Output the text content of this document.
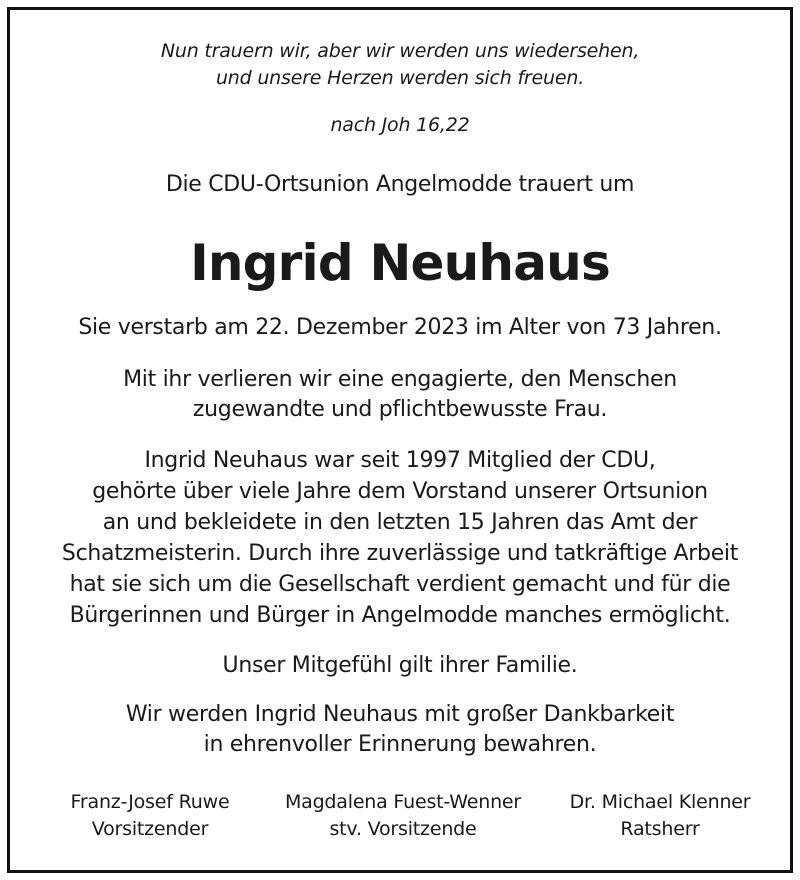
Nun trauern wir, aber wir werden uns wiedersehen,
und unsere Herzen werden sich freuen.
nach Joh 16,22
Die CDU-Ortsunion Angelmodde trauert um
Ingrid Neuhaus
Sie verstarb am 22. Dezember 2023 im Alter von 73 Jahren.
Mit ihr verlieren wir eine engagierte, den Menschen
zugewandte und pflichtbewusste Frau.
Ingrid Neuhaus war seit 1997 Mitglied der CDU,
gehörte über viele Jahre dem Vorstand unserer Ortsunion
an und bekleidete in den letzten 15 Jahren das Amt der
Schatzmeisterin. Durch ihre zuverlässige und tatkräftige Arbeit
hat sie sich um die Gesellschaft verdient gemacht und für die
Bürgerinnen und Bürger in Angelmodde manches ermöglicht.
Unser Mitgefühl gilt ihrer Familie.
Wir werden Ingrid Neuhaus mit großer Dankbarkeit
in ehrenvoller Erinnerung bewahren.
Franz-Josef Ruwe
Vorsitzender
Magdalena Fuest-Wenner
stv. Vorsitzende
Dr. Michael Klenner
Ratsherr
